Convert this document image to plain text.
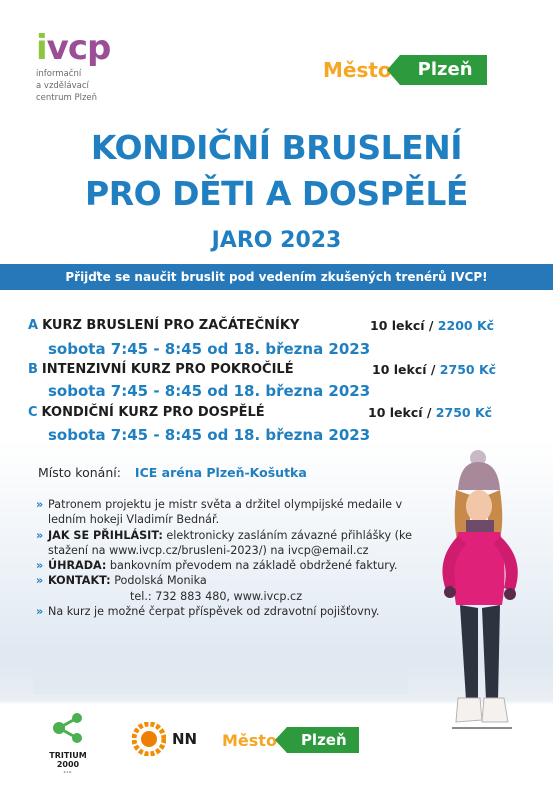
ivcp
informační
a vzdělávací
centrum Plzeň
Město	Plzeň
KONDIČNÍ BRUSLENÍ
PRO DĚTI A DOSPĚLÉ
JARO 2023
Přijďte se naučit bruslit pod vedením zkušených trenérů IVCP!
A KURZ BRUSLENÍ PRO ZAČÁTEČNÍKY	10 lekcí / 2200 Kč
sobota 7:45 - 8:45 od 18. března 2023
B INTENZIVNÍ KURZ PRO POKROČILÉ	10 lekcí / 2750 Kč
sobota 7:45 - 8:45 od 18. března 2023
C KONDIČNÍ KURZ PRO DOSPĚLÉ	10 lekcí / 2750 Kč
sobota 7:45 - 8:45 od 18. března 2023
Místo konání: ICE aréna Plzeň-Košutka
» Patronem projektu je mistr světa a držitel olympijské medaile v ledním hokeji Vladimír Bednář.
» JAK SE PŘIHLÁSIT: elektronicky zasláním závazné přihlášky (ke stažení na www.ivcp.cz/brusleni-2023/) na ivcp@email.cz
» ÚHRADA: bankovním převodem na základě obdržené faktury.
» KONTAKT: Podolská Monika
tel.: 732 883 480, www.ivcp.cz
» Na kurz je možné čerpat příspěvek od zdravotní pojišťovny.
TRITIUM 2000
s.r.o.
NN Město	Plzeň
